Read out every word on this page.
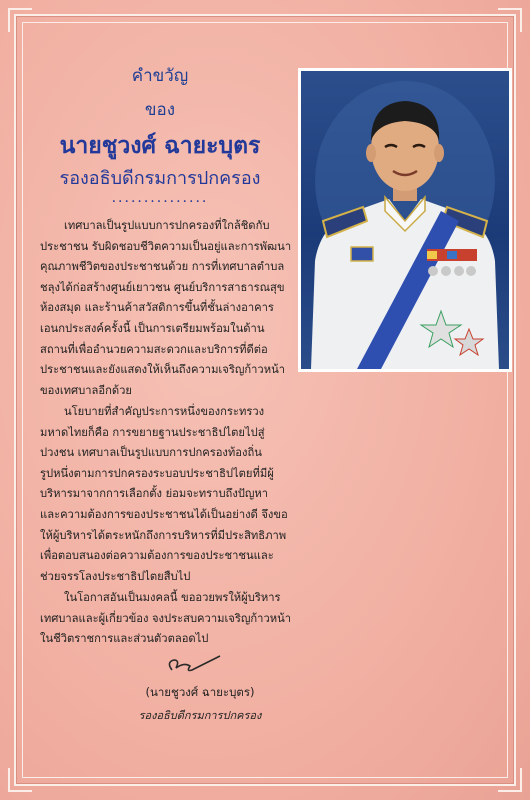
คำขวัญ
ของ
นายชูวงศ์ ฉายะบุตร
รองอธิบดีกรมการปกครอง
...............
เทศบาลเป็นรูปแบบการปกครองที่ใกล้ชิดกับ
ประชาชน รับผิดชอบชีวิตความเป็นอยู่และการพัฒนา
คุณภาพชีวิตของประชาชนด้วย การที่เทศบาลตำบล
ชลุงได้ก่อสร้างศูนย์เยาวชน ศูนย์บริการสาธารณสุข
ห้องสมุด และร้านค้าสวัสดิการขึ้นที่ชั้นล่างอาคาร
เอนกประสงค์ครั้งนี้ เป็นการเตรียมพร้อมในด้าน
สถานที่เพื่ออำนวยความสะดวกและบริการที่ดีต่อ
ประชาชนและยังแสดงให้เห็นถึงความเจริญก้าวหน้า
ของเทศบาลอีกด้วย
นโยบายที่สำคัญประการหนึ่งของกระทรวง
มหาดไทยก็คือ การขยายฐานประชาธิปไตยไปสู่
ปวงชน เทศบาลเป็นรูปแบบการปกครองท้องถิ่น
รูปหนึ่งตามการปกครองระบอบประชาธิปไตยที่มีผู้
บริหารมาจากการเลือกตั้ง ย่อมจะทราบถึงปัญหา
และความต้องการของประชาชนได้เป็นอย่างดี จึงขอ
ให้ผู้บริหารได้ตระหนักถึงการบริหารที่มีประสิทธิภาพ
เพื่อตอบสนองต่อความต้องการของประชาชนและ
ช่วยจรรโลงประชาธิปไตยสืบไป
ในโอกาสอันเป็นมงคลนี้ ขออวยพรให้ผู้บริหาร
เทศบาลและผู้เกี่ยวข้อง จงประสบความเจริญก้าวหน้า
ในชีวิตราชการและส่วนตัวตลอดไป
(นายชูวงศ์ ฉายะบุตร)
รองอธิบดีกรมการปกครอง
